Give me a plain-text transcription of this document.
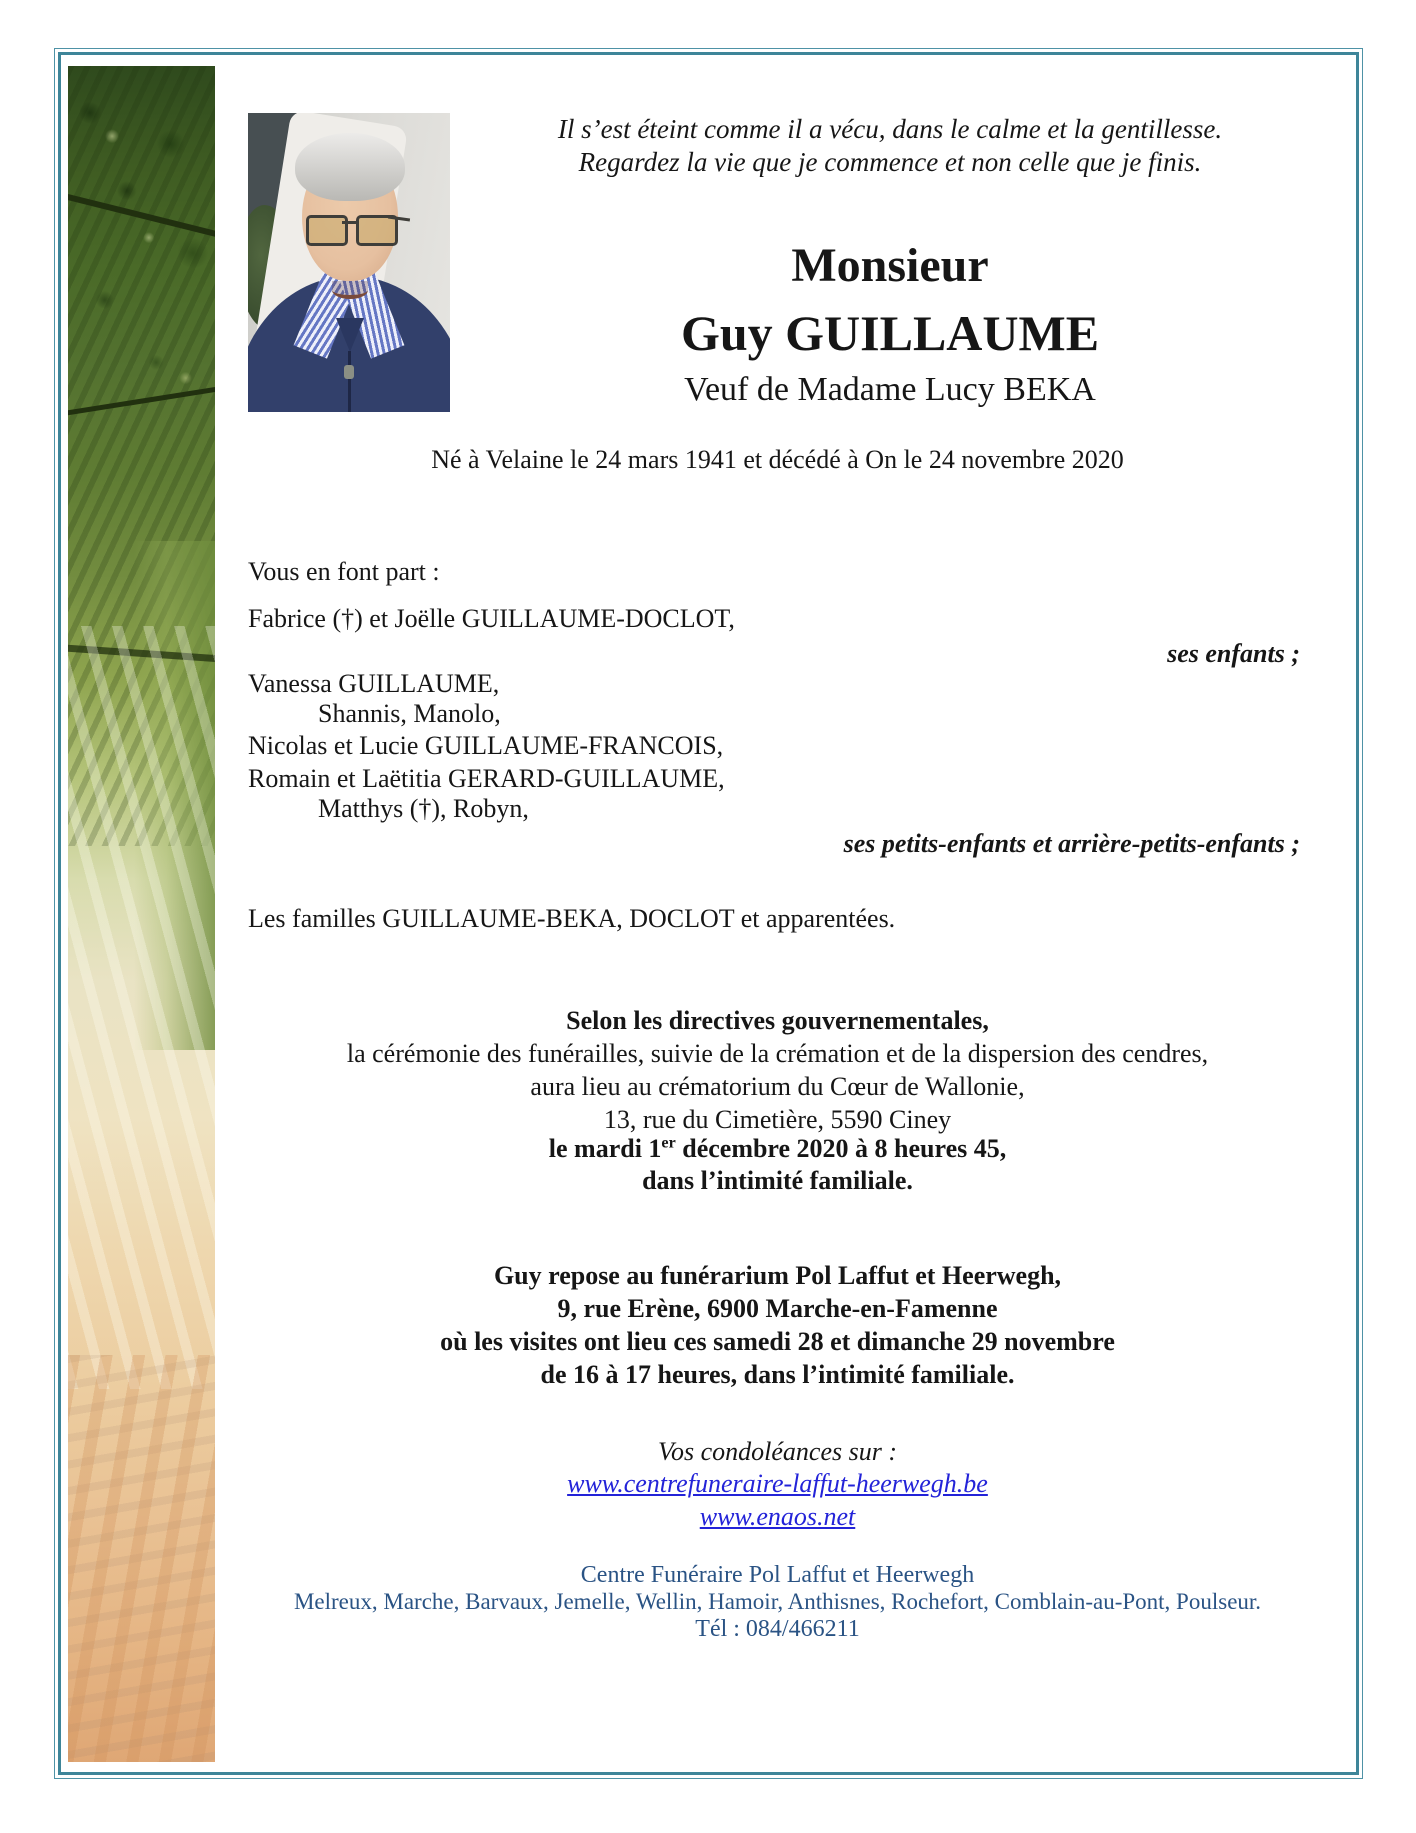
Il s’est éteint comme il a vécu, dans le calme et la gentillesse.
Regardez la vie que je commence et non celle que je finis.
Monsieur
Guy GUILLAUME
Veuf de Madame Lucy BEKA
Né à Velaine le 24 mars 1941 et décédé à On le 24 novembre 2020
Vous en font part :
Fabrice (†) et Joëlle GUILLAUME-DOCLOT,
ses enfants ;
Vanessa GUILLAUME,
Shannis, Manolo,
Nicolas et Lucie GUILLAUME-FRANCOIS,
Romain et Laëtitia GERARD-GUILLAUME,
Matthys (†), Robyn,
ses petits-enfants et arrière-petits-enfants ;
Les familles GUILLAUME-BEKA, DOCLOT et apparentées.
Selon les directives gouvernementales,
la cérémonie des funérailles, suivie de la crémation et de la dispersion des cendres,
aura lieu au crématorium du Cœur de Wallonie,
13, rue du Cimetière, 5590 Ciney
le mardi 1er décembre 2020 à 8 heures 45,
dans l’intimité familiale.
Guy repose au funérarium Pol Laffut et Heerwegh,
9, rue Erène, 6900 Marche-en-Famenne
où les visites ont lieu ces samedi 28 et dimanche 29 novembre
de 16 à 17 heures, dans l’intimité familiale.
Vos condoléances sur :
www.centrefuneraire-laffut-heerwegh.be
www.enaos.net
Centre Funéraire Pol Laffut et Heerwegh
Melreux, Marche, Barvaux, Jemelle, Wellin, Hamoir, Anthisnes, Rochefort, Comblain-au-Pont, Poulseur.
Tél : 084/466211
